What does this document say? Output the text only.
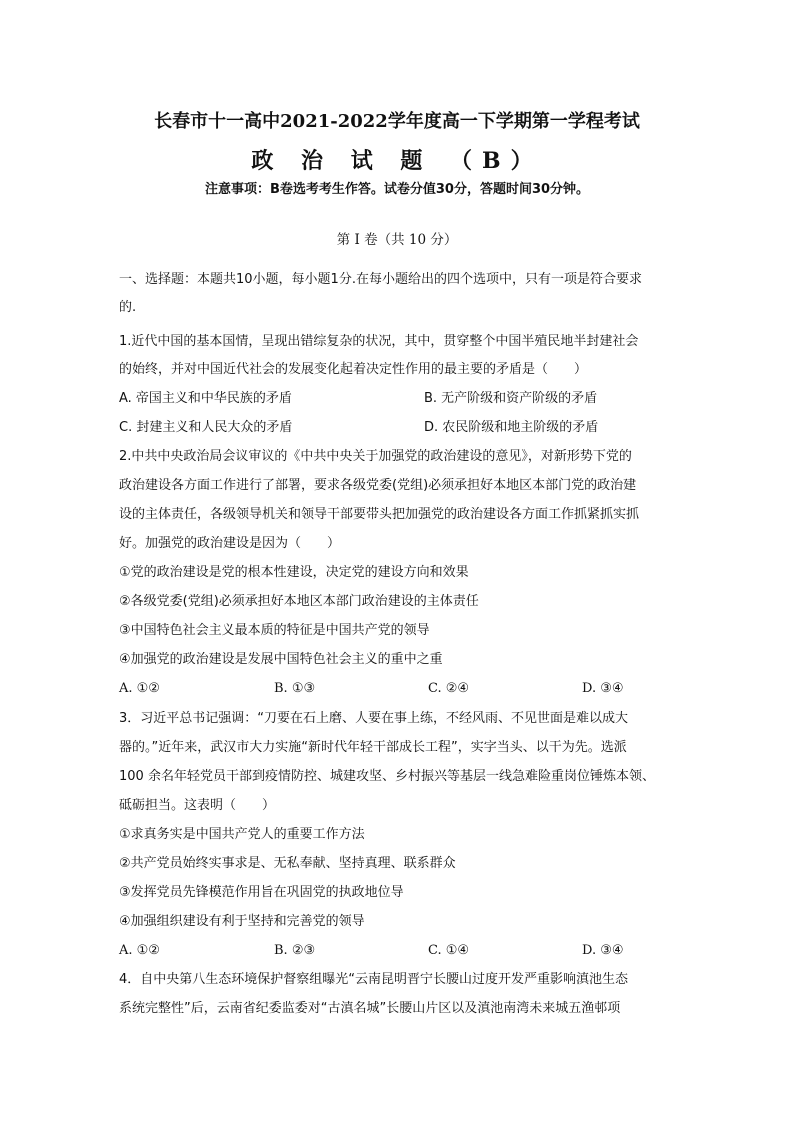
长春市十一高中2021-2022学年度高一下学期第一学程考试
政 治 试 题 （B）
注意事项：B卷选考考生作答。试卷分值30分，答题时间30分钟。
第 Ⅰ 卷（共 10 分）
一、选择题：本题共10小题，每小题1分.在每小题给出的四个选项中，只有一项是符合要求
的.
1.近代中国的基本国情，呈现出错综复杂的状况，其中，贯穿整个中国半殖民地半封建社会
的始终，并对中国近代社会的发展变化起着决定性作用的最主要的矛盾是（　　）
A. 帝国主义和中华民族的矛盾	B. 无产阶级和资产阶级的矛盾
C. 封建主义和人民大众的矛盾	D. 农民阶级和地主阶级的矛盾
2.中共中央政治局会议审议的《中共中央关于加强党的政治建设的意见》，对新形势下党的
政治建设各方面工作进行了部署，要求各级党委(党组)必须承担好本地区本部门党的政治建
设的主体责任，各级领导机关和领导干部要带头把加强党的政治建设各方面工作抓紧抓实抓
好。加强党的政治建设是因为（　　）
①党的政治建设是党的根本性建设，决定党的建设方向和效果
②各级党委(党组)必须承担好本地区本部门政治建设的主体责任
③中国特色社会主义最本质的特征是中国共产党的领导
④加强党的政治建设是发展中国特色社会主义的重中之重
A. ①②	B. ①③	C. ②④	D. ③④
3．习近平总书记强调：“刀要在石上磨、人要在事上练，不经风雨、不见世面是难以成大
器的。”近年来，武汉市大力实施“新时代年轻干部成长工程”，实字当头、以干为先。选派
100 余名年轻党员干部到疫情防控、城建攻坚、乡村振兴等基层一线急难险重岗位锤炼本领、
砥砺担当。这表明（　　）
①求真务实是中国共产党人的重要工作方法
②共产党员始终实事求是、无私奉献、坚持真理、联系群众
③发挥党员先锋模范作用旨在巩固党的执政地位导
④加强组织建设有利于坚持和完善党的领导
A. ①②	B. ②③	C. ①④	D. ③④
4．自中央第八生态环境保护督察组曝光“云南昆明晋宁长腰山过度开发严重影响滇池生态
系统完整性”后，云南省纪委监委对“古滇名城”长腰山片区以及滇池南湾未来城五渔邨项
